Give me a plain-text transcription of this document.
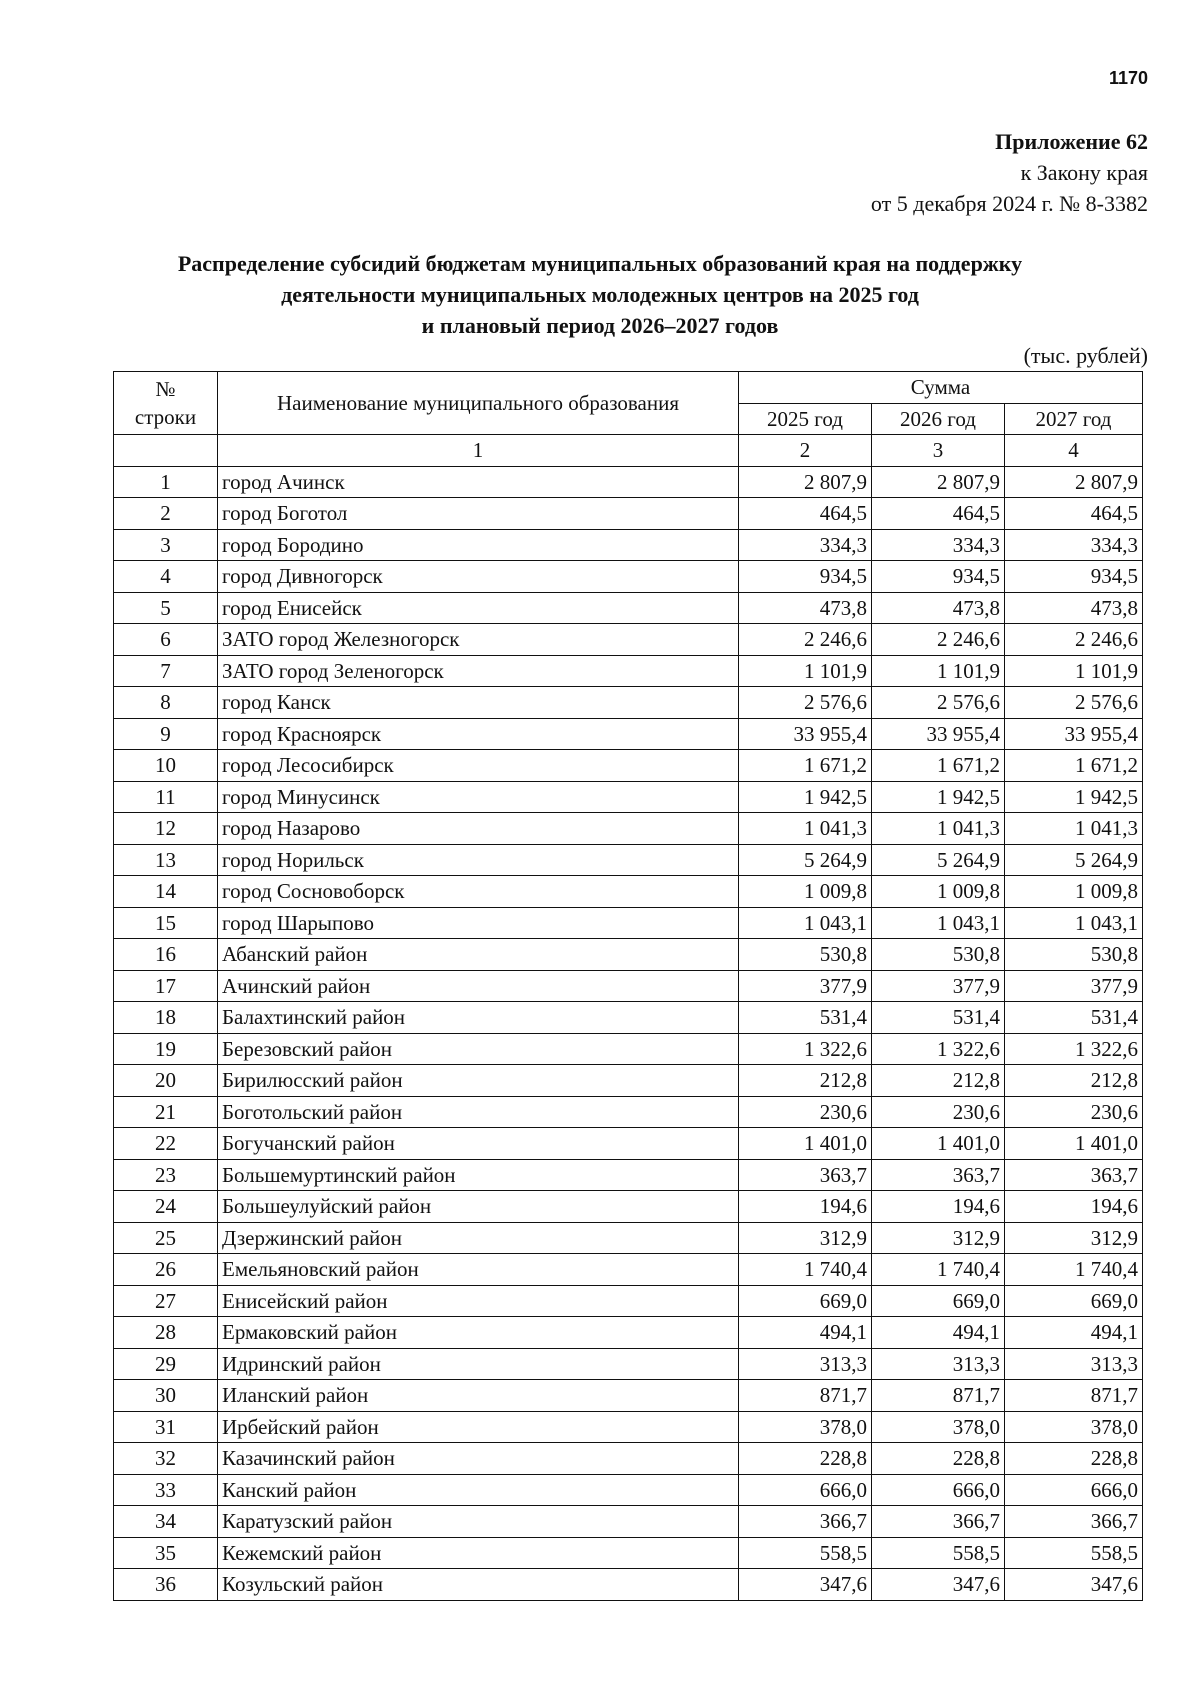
1170
Приложение 62
к Закону края
от 5 декабря 2024 г. № 8-3382
Распределение субсидий бюджетам муниципальных образований края на поддержку
деятельности муниципальных молодежных центров на 2025 год
и плановый период 2026–2027 годов
(тыс. рублей)
№
строки	Наименование муниципального образования	Сумма		
		2025 год	2026 год	2027 год
	1	2	3	4
1	город Ачинск	2 807,9	2 807,9	2 807,9
2	город Боготол	464,5	464,5	464,5
3	город Бородино	334,3	334,3	334,3
4	город Дивногорск	934,5	934,5	934,5
5	город Енисейск	473,8	473,8	473,8
6	ЗАТО город Железногорск	2 246,6	2 246,6	2 246,6
7	ЗАТО город Зеленогорск	1 101,9	1 101,9	1 101,9
8	город Канск	2 576,6	2 576,6	2 576,6
9	город Красноярск	33 955,4	33 955,4	33 955,4
10	город Лесосибирск	1 671,2	1 671,2	1 671,2
11	город Минусинск	1 942,5	1 942,5	1 942,5
12	город Назарово	1 041,3	1 041,3	1 041,3
13	город Норильск	5 264,9	5 264,9	5 264,9
14	город Сосновоборск	1 009,8	1 009,8	1 009,8
15	город Шарыпово	1 043,1	1 043,1	1 043,1
16	Абанский район	530,8	530,8	530,8
17	Ачинский район	377,9	377,9	377,9
18	Балахтинский район	531,4	531,4	531,4
19	Березовский район	1 322,6	1 322,6	1 322,6
20	Бирилюсский район	212,8	212,8	212,8
21	Боготольский район	230,6	230,6	230,6
22	Богучанский район	1 401,0	1 401,0	1 401,0
23	Большемуртинский район	363,7	363,7	363,7
24	Большеулуйский район	194,6	194,6	194,6
25	Дзержинский район	312,9	312,9	312,9
26	Емельяновский район	1 740,4	1 740,4	1 740,4
27	Енисейский район	669,0	669,0	669,0
28	Ермаковский район	494,1	494,1	494,1
29	Идринский район	313,3	313,3	313,3
30	Иланский район	871,7	871,7	871,7
31	Ирбейский район	378,0	378,0	378,0
32	Казачинский район	228,8	228,8	228,8
33	Канский район	666,0	666,0	666,0
34	Каратузский район	366,7	366,7	366,7
35	Кежемский район	558,5	558,5	558,5
36	Козульский район	347,6	347,6	347,6
